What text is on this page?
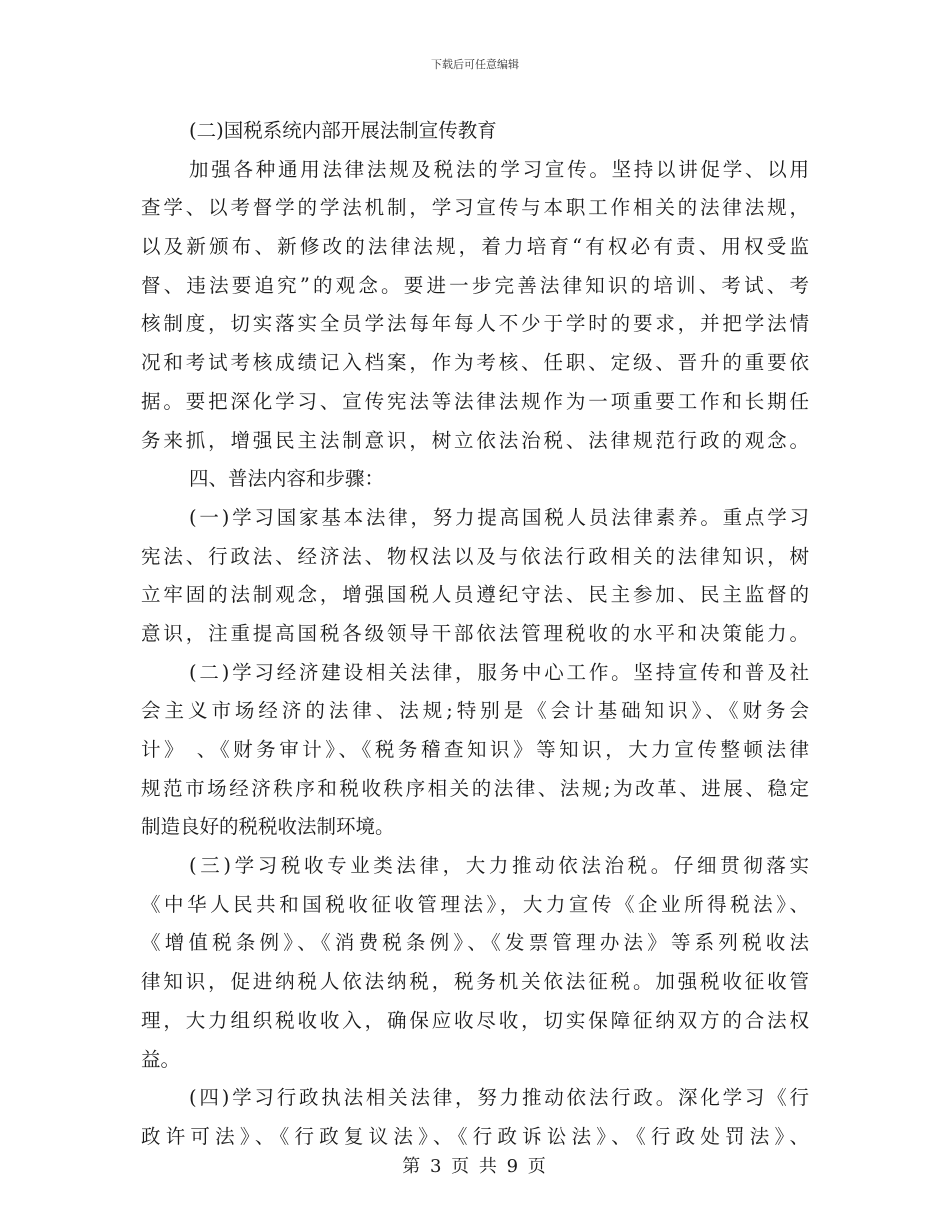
下载后可任意编辑
(二)国税系统内部开展法制宣传教育
加强各种通用法律法规及税法的学习宣传。坚持以讲促学、以用
查学、以考督学的学法机制，学习宣传与本职工作相关的法律法规，
以及新颁布、新修改的法律法规，着力培育“有权必有责、用权受监
督、违法要追究”的观念。要进一步完善法律知识的培训、考试、考
核制度，切实落实全员学法每年每人不少于学时的要求，并把学法情
况和考试考核成绩记入档案，作为考核、任职、定级、晋升的重要依
据。要把深化学习、宣传宪法等法律法规作为一项重要工作和长期任
务来抓，增强民主法制意识，树立依法治税、法律规范行政的观念。
四、普法内容和步骤：
(一)学习国家基本法律，努力提高国税人员法律素养。重点学习
宪法、行政法、经济法、物权法以及与依法行政相关的法律知识，树
立牢固的法制观念，增强国税人员遵纪守法、民主参加、民主监督的
意识，注重提高国税各级领导干部依法管理税收的水平和决策能力。
(二)学习经济建设相关法律，服务中心工作。坚持宣传和普及社
会主义市场经济的法律、法规;特别是《会计基础知识》、《财务会
计》 、《财务审计》、《税务稽查知识》等知识，大力宣传整顿法律
规范市场经济秩序和税收秩序相关的法律、法规;为改革、进展、稳定
制造良好的税税收法制环境。
(三)学习税收专业类法律，大力推动依法治税。仔细贯彻落实
《中华人民共和国税收征收管理法》，大力宣传《企业所得税法》、
《增值税条例》、《消费税条例》、《发票管理办法》等系列税收法
律知识，促进纳税人依法纳税，税务机关依法征税。加强税收征收管
理，大力组织税收收入，确保应收尽收，切实保障征纳双方的合法权
益。
(四)学习行政执法相关法律，努力推动依法行政。深化学习《行
政许可法》、《行政复议法》、《行政诉讼法》、《行政处罚法》、
第 3 页 共 9 页
